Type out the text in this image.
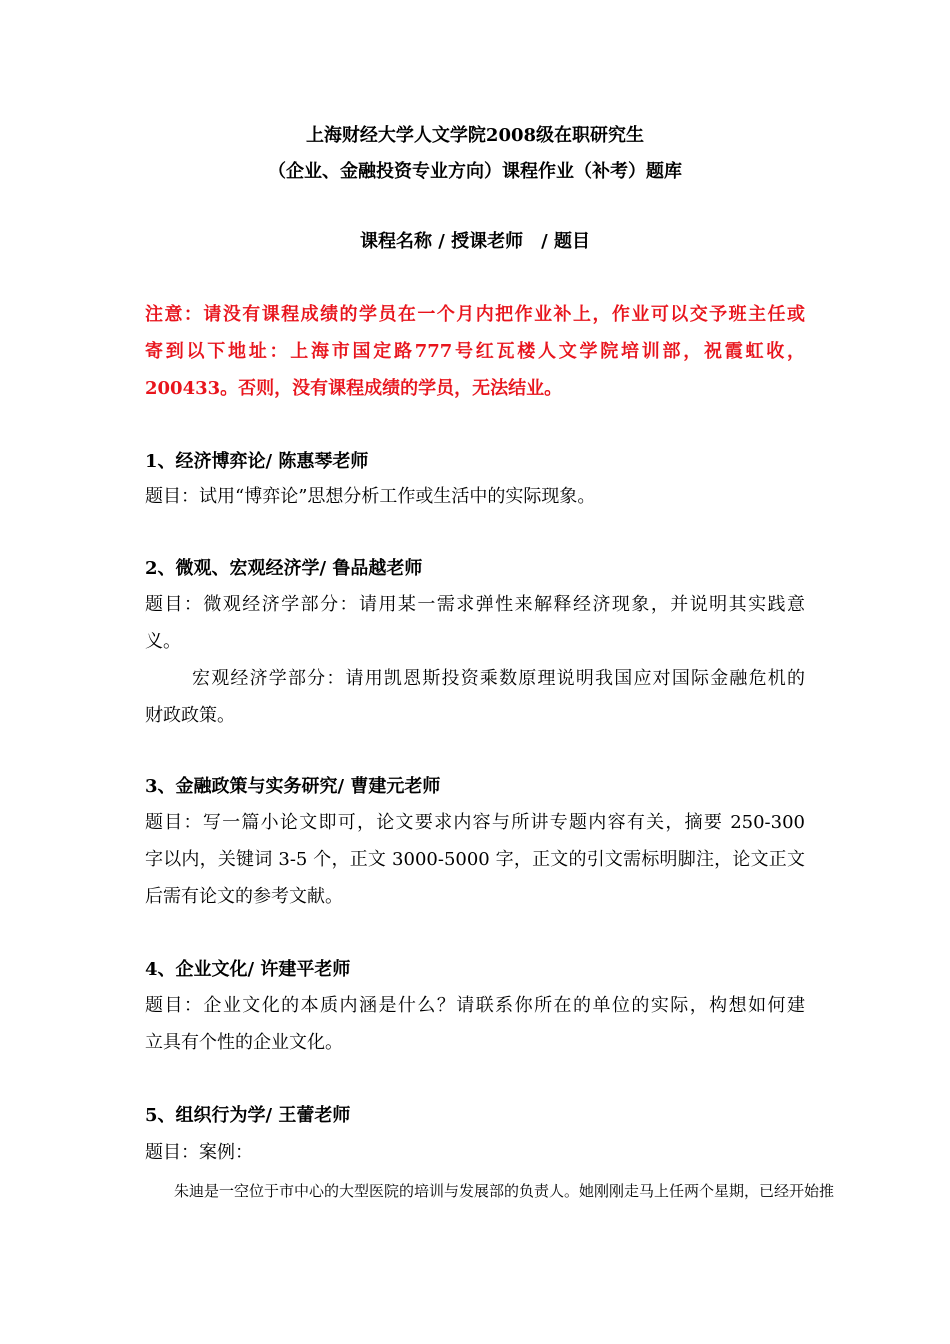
上海财经大学人文学院2008级在职研究生
（企业、金融投资专业方向）课程作业（补考）题库
课程名称 / 授课老师　/ 题目
注意：请没有课程成绩的学员在一个月内把作业补上，作业可以交予班主任或
寄到以下地址：上海市国定路777号红瓦楼人文学院培训部，祝霞虹收，
200433。否则，没有课程成绩的学员，无法结业。
1、经济博弈论/ 陈惠琴老师
题目：试用“博弈论”思想分析工作或生活中的实际现象。
2、微观、宏观经济学/ 鲁品越老师
题目：微观经济学部分：请用某一需求弹性来解释经济现象，并说明其实践意
义。
宏观经济学部分：请用凯恩斯投资乘数原理说明我国应对国际金融危机的
财政政策。
3、金融政策与实务研究/ 曹建元老师
题目：写一篇小论文即可，论文要求内容与所讲专题内容有关，摘要 250-300
字以内，关键词 3-5 个，正文 3000-5000 字，正文的引文需标明脚注，论文正文
后需有论文的参考文献。
4、企业文化/ 许建平老师
题目：企业文化的本质内涵是什么？请联系你所在的单位的实际，构想如何建
立具有个性的企业文化。
5、组织行为学/ 王蕾老师
题目：案例：
朱迪是一空位于市中心的大型医院的培训与发展部的负责人。她刚刚走马上任两个星期，已经开始推
